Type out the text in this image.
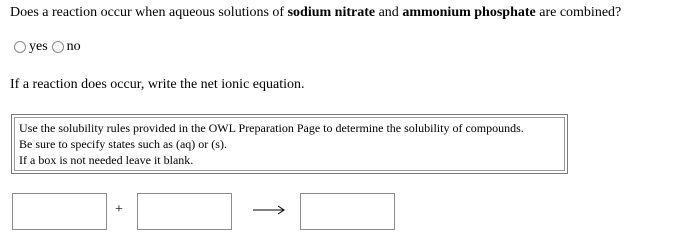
Does a reaction occur when aqueous solutions of sodium nitrate and ammonium phosphate are combined?
yes no
If a reaction does occur, write the net ionic equation.
Use the solubility rules provided in the OWL Preparation Page to determine the solubility of compounds.
Be sure to specify states such as (aq) or (s).
If a box is not needed leave it blank.
+
